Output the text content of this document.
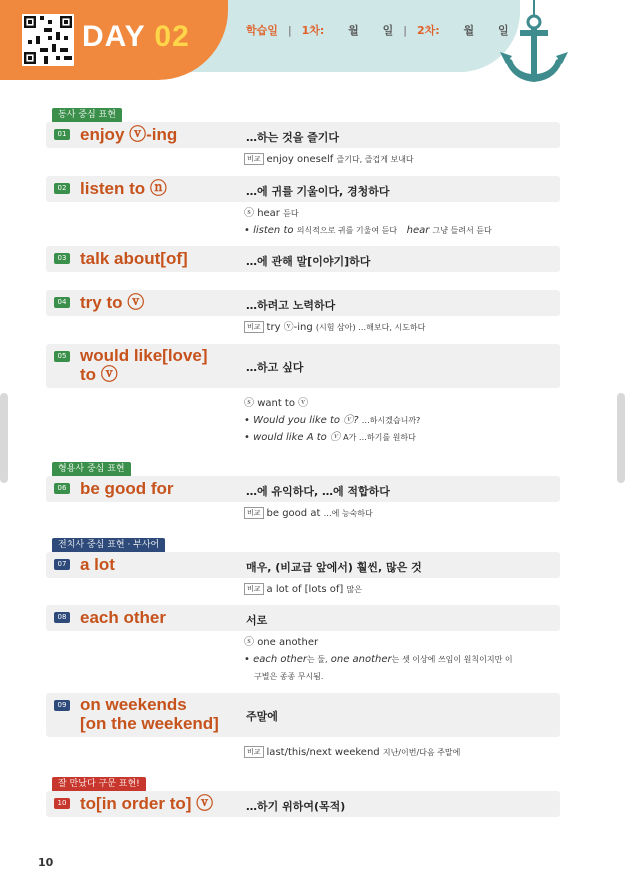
DAY 02	학습일 | 1차: 월 일 | 2차: 월 일
동사 중심 표현
01 enjoy ⓥ-ing	…하는 것을 즐기다
비교 enjoy oneself 즐기다, 즐겁게 보내다
02 listen to ⓝ	…에 귀를 기울이다, 경청하다
ⓢ hear 듣다
• listen to 의식적으로 귀를 기울여 듣다 hear 그냥 들려서 듣다
03 talk about[of]	…에 관해 말[이야기]하다
04 try to ⓥ	…하려고 노력하다
비교 try ⓥ-ing (시험 삼아) …해보다, 시도하다
05 would like[love]
to ⓥ	…하고 싶다
ⓢ want to ⓥ
• Would you like to ⓥ? …하시겠습니까?
• would like A to ⓥ A가 …하기를 원하다
형용사 중심 표현
06 be good for	…에 유익하다, …에 적합하다
비교 be good at …에 능숙하다
전치사 중심 표현 · 부사어
07 a lot	매우, (비교급 앞에서) 훨씬, 많은 것
비교 a lot of [lots of] 많은
08 each other	서로
ⓢ one another
• each other는 둘, one another는 셋 이상에 쓰임이 원칙이지만 이
구별은 종종 무시됨.
09 on weekends
[on the weekend] 주말에
비교 last/this/next weekend 지난/이번/다음 주말에
잘 만났다 구문 표현!
10 to[in order to] ⓥ	…하기 위하여(목적)
10
